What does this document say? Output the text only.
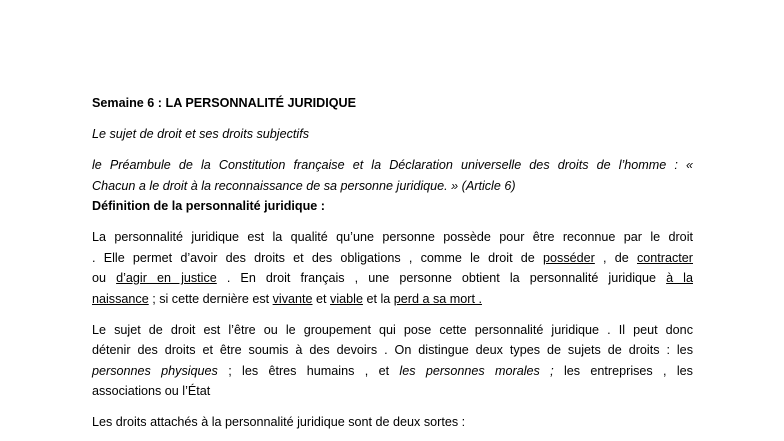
Semaine 6 : LA PERSONNALITÉ JURIDIQUE
Le sujet de droit et ses droits subjectifs
le Préambule de la Constitution française et la Déclaration universelle des droits de l’homme : «
Chacun a le droit à la reconnaissance de sa personne juridique. » (Article 6)
Définition de la personnalité juridique :
La personnalité juridique est la qualité qu’une personne possède pour être reconnue par le droit
. Elle permet d’avoir des droits et des obligations , comme le droit de posséder , de contracter
ou d’agir en justice . En droit français , une personne obtient la personnalité juridique à la
naissance ; si cette dernière est vivante et viable et la perd a sa mort .
Le sujet de droit est l’être ou le groupement qui pose cette personnalité juridique . Il peut donc
détenir des droits et être soumis à des devoirs . On distingue deux types de sujets de droits : les
personnes physiques ; les êtres humains , et les personnes morales ; les entreprises , les
associations ou l’État
Les droits attachés à la personnalité juridique sont de deux sortes :
